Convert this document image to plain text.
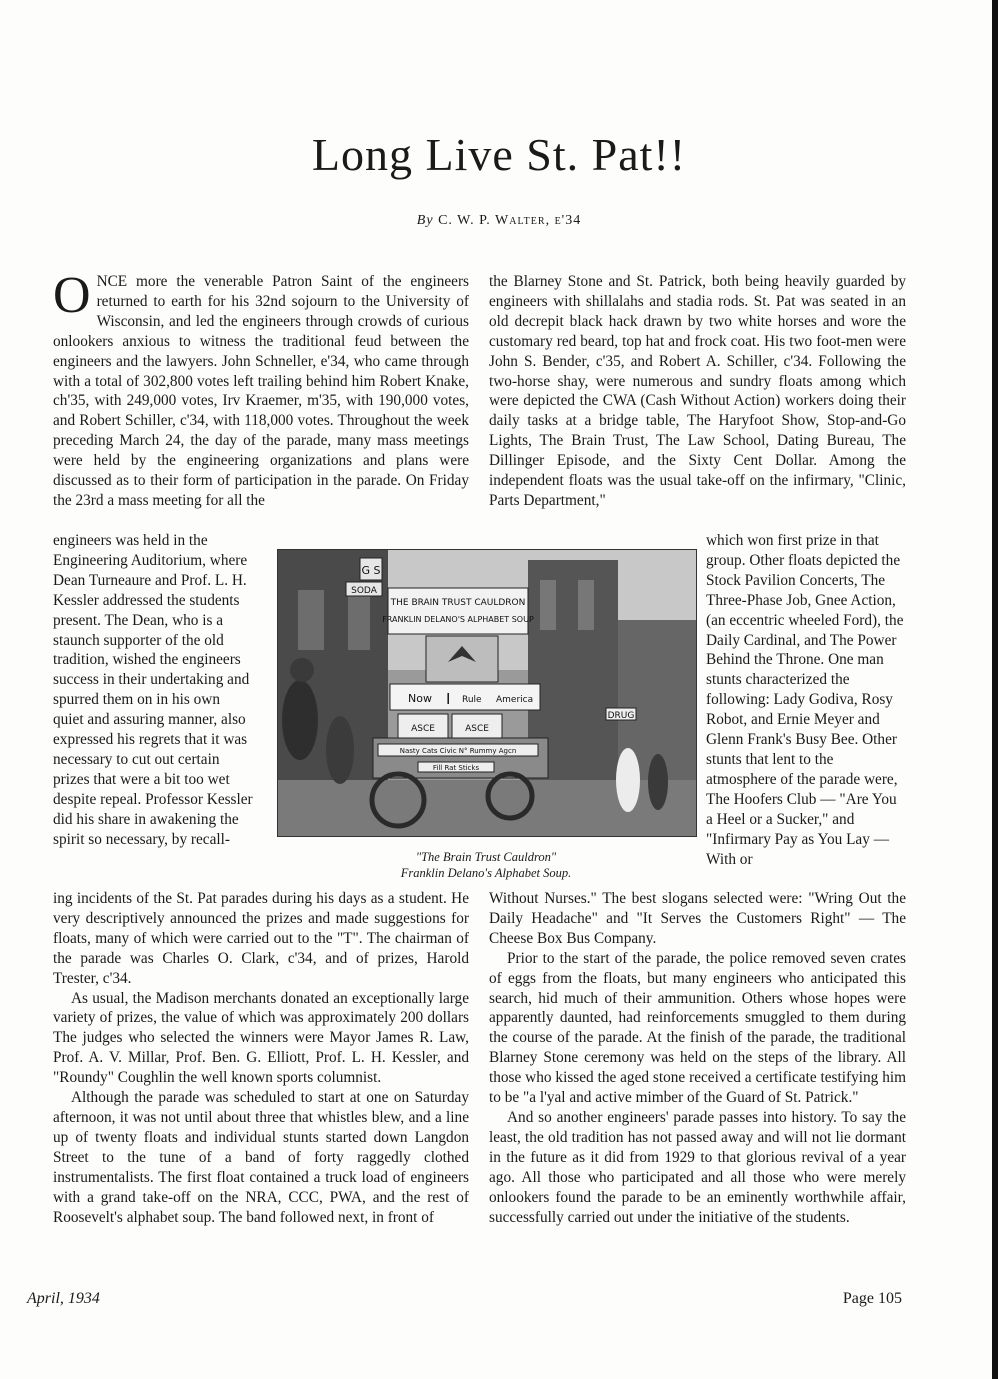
Long Live St. Pat!!
By C. W. P. Walter, e'34

O NCE more the venerable Patron Saint of the engineers returned to earth for his 32nd sojourn to the University of Wisconsin, and led the engineers through crowds of curious onlookers anxious to witness the traditional feud between the engineers and the lawyers. John Schneller, e'34, who came through with a total of 302,800 votes left trailing behind him Robert Knake, ch'35, with 249,000 votes, Irv Kraemer, m'35, with 190,000 votes, and Robert Schiller, c'34, with 118,000 votes. Throughout the week preceding March 24, the day of the parade, many mass meetings were held by the engineering organizations and plans were discussed as to their form of participation in the parade. On Friday the 23rd a mass meeting for all the

engineers was held in the Engineering Auditorium, where Dean Turneaure and Prof. L. H. Kessler addressed the students present. The Dean, who is a staunch supporter of the old tradition, wished the engineers success in their undertaking and spurred them on in his own quiet and assuring manner, also expressed his regrets that it was necessary to cut out certain prizes that were a bit too wet despite repeal. Professor Kessler did his share in awakening the spirit so necessary, by recall-

ing incidents of the St. Pat parades during his days as a student. He very descriptively announced the prizes and made suggestions for floats, many of which were carried out to the "T". The chairman of the parade was Charles O. Clark, c'34, and of prizes, Harold Trester, c'34.

As usual, the Madison merchants donated an exceptionally large variety of prizes, the value of which was approximately 200 dollars The judges who selected the winners were Mayor James R. Law, Prof. A. V. Millar, Prof. Ben. G. Elliott, Prof. L. H. Kessler, and "Roundy" Coughlin the well known sports columnist.

Although the parade was scheduled to start at one on Saturday afternoon, it was not until about three that whistles blew, and a line up of twenty floats and individual stunts started down Langdon Street to the tune of a band of forty raggedly clothed instrumentalists. The first float contained a truck load of engineers with a grand take-off on the NRA, CCC, PWA, and the rest of Roosevelt's alphabet soup. The band followed next, in front of

the Blarney Stone and St. Patrick, both being heavily guarded by engineers with shillalahs and stadia rods. St. Pat was seated in an old decrepit black hack drawn by two white horses and wore the customary red beard, top hat and frock coat. His two foot-men were John S. Bender, c'35, and Robert A. Schiller, c'34. Following the two-horse shay, were numerous and sundry floats among which were depicted the CWA (Cash Without Action) workers doing their daily tasks at a bridge table, The Haryfoot Show, Stop-and-Go Lights, The Brain Trust, The Law School, Dating Bureau, The Dillinger Episode, and the Sixty Cent Dollar. Among the independent floats was the usual take-off on the infirmary, "Clinic, Parts Department,"

which won first prize in that group. Other floats depicted the Stock Pavilion Concerts, The Three-Phase Job, Gnee Action, (an eccentric wheeled Ford), the Daily Cardinal, and The Power Behind the Throne. One man stunts characterized the following: Lady Godiva, Rosy Robot, and Ernie Meyer and Glenn Frank's Busy Bee. Other stunts that lent to the atmosphere of the parade were, The Hoofers Club — "Are You a Heel or a Sucker," and "Infirmary Pay as You Lay — With or

Without Nurses." The best slogans selected were: "Wring Out the Daily Headache" and "It Serves the Customers Right" — The Cheese Box Bus Company.

Prior to the start of the parade, the police removed seven crates of eggs from the floats, but many engineers who anticipated this search, hid much of their ammunition. Others whose hopes were apparently daunted, had reinforcements smuggled to them during the course of the parade. At the finish of the parade, the traditional Blarney Stone ceremony was held on the steps of the library. All those who kissed the aged stone received a certificate testifying him to be "a l'yal and active mimber of the Guard of St. Patrick."

And so another engineers' parade passes into history. To say the least, the old tradition has not passed away and will not lie dormant in the future as it did from 1929 to that glorious revival of a year ago. All those who participated and all those who were merely onlookers found the parade to be an eminently worthwhile affair, successfully carried out under the initiative of the students.

G S
SODA
DRUG
THE BRAIN TRUST CAULDRON
FRANKLIN DELANO'S ALPHABET SOUP
Now I Rule America
ASCE	ASCE
Nasty Cats Civic N° Rummy Agcn
Fill Rat Sticks
"The Brain Trust Cauldron"
Franklin Delano's Alphabet Soup.
April, 1934	Page 105
